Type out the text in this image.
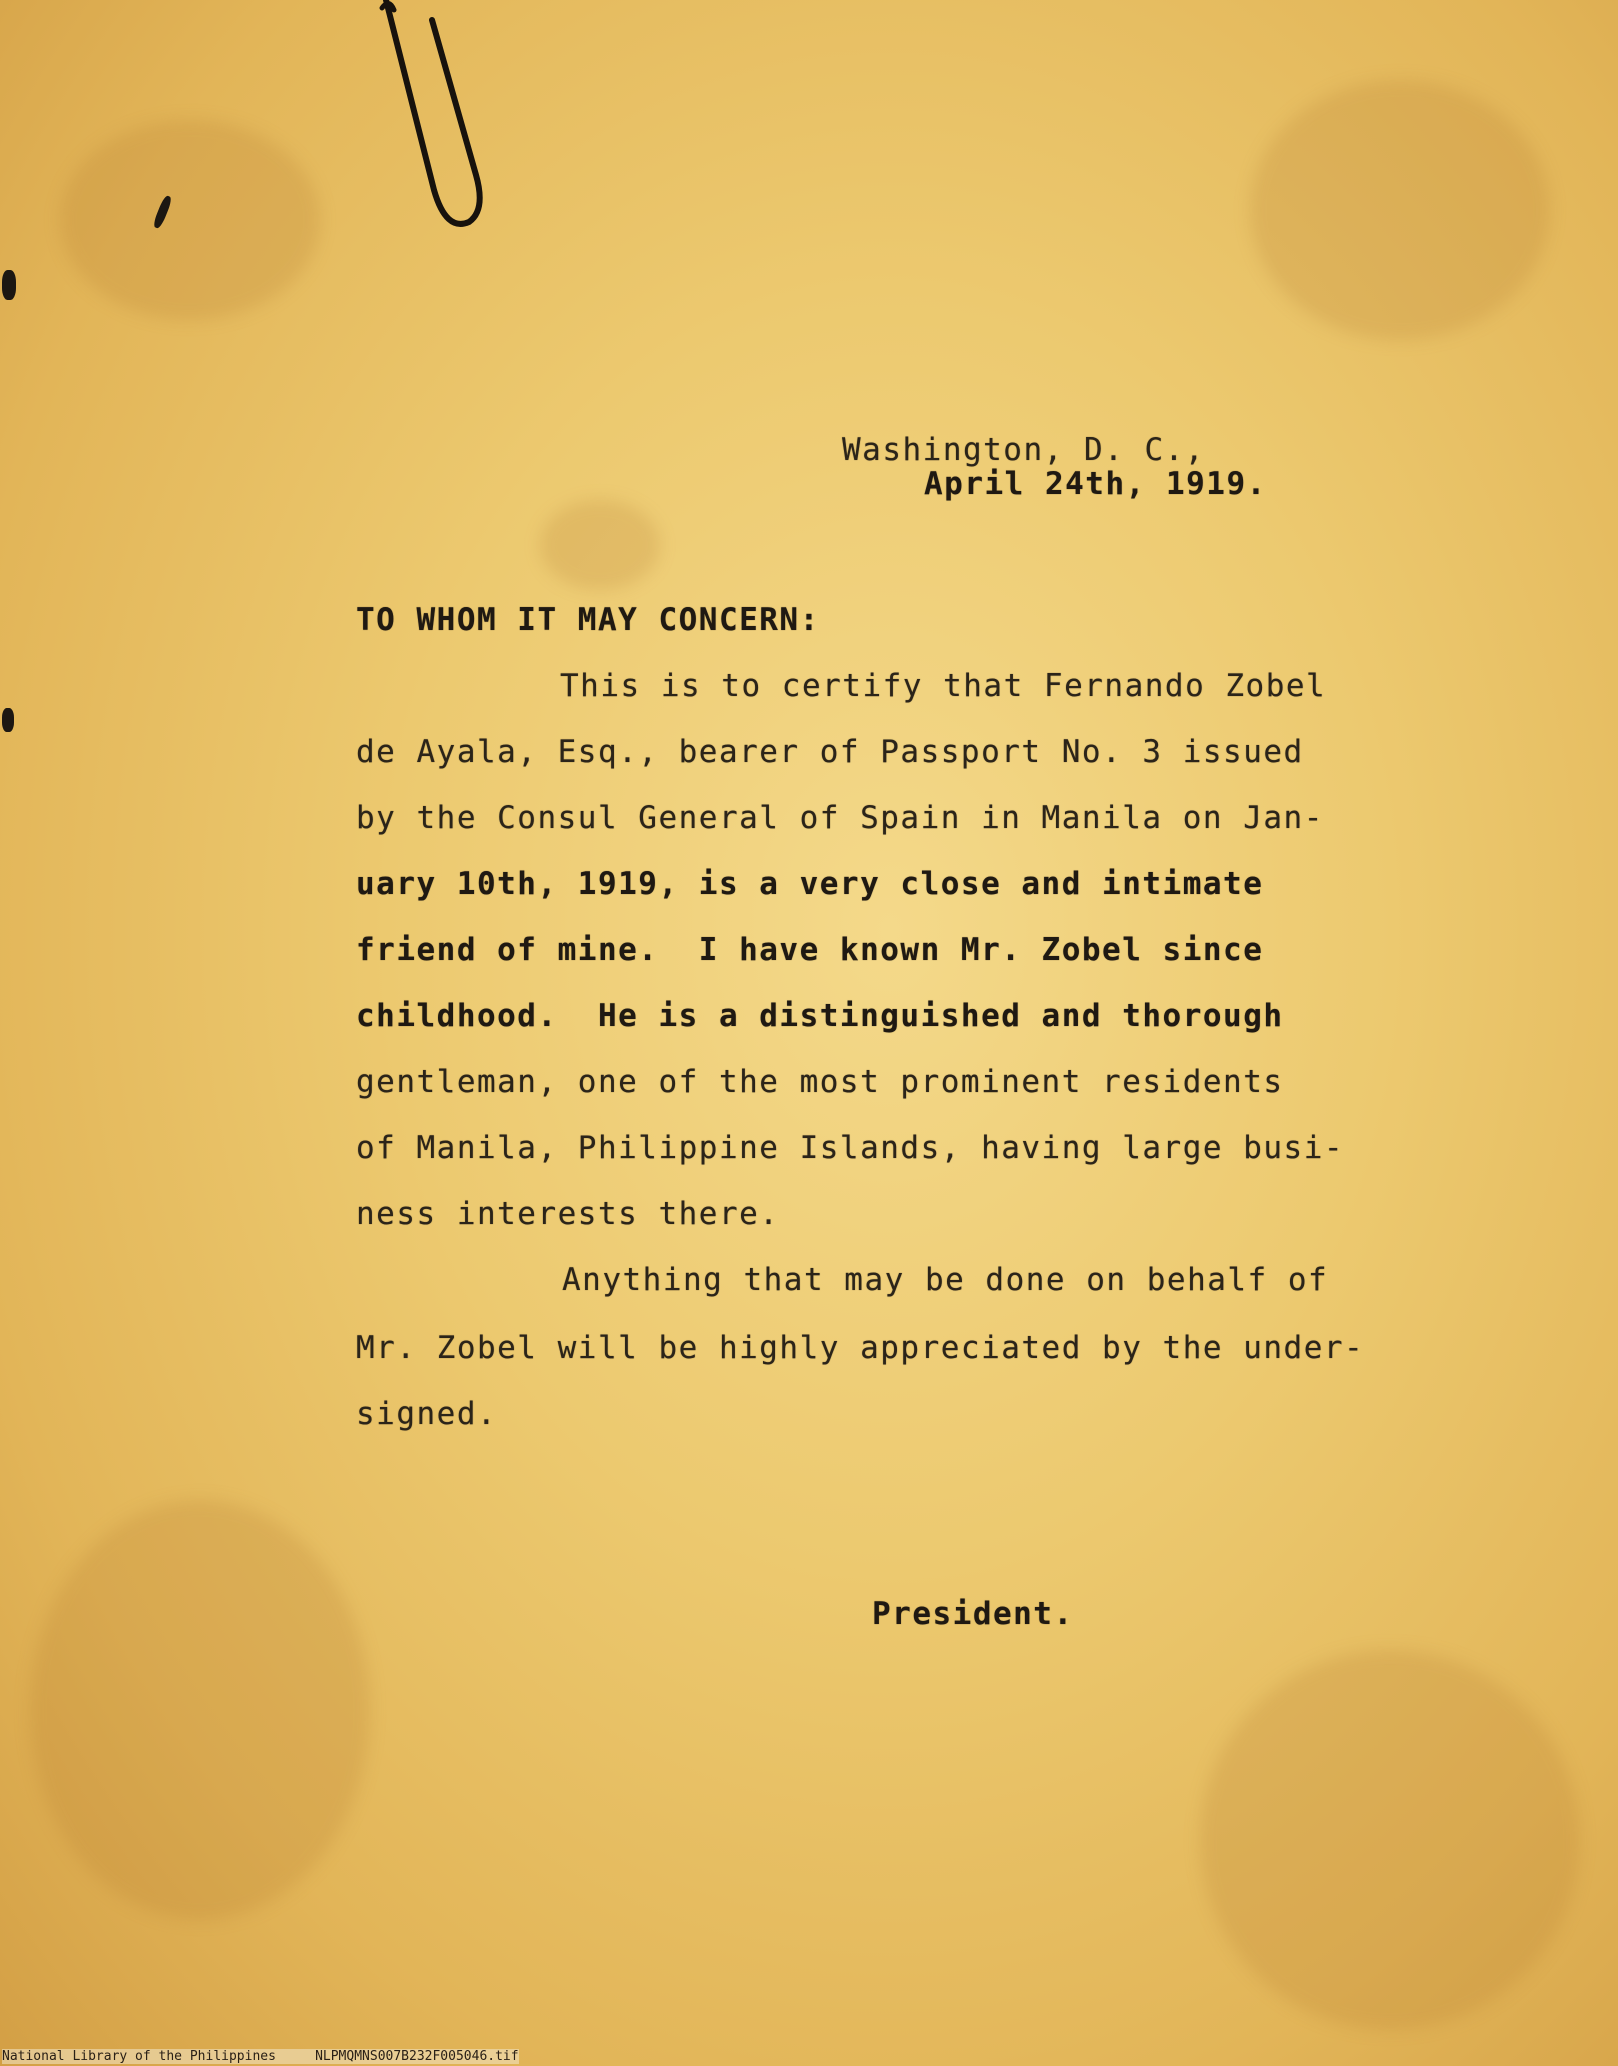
Washington, D. C.,
April 24th, 1919.
TO WHOM IT MAY CONCERN:
This is to certify that Fernando Zobel
de Ayala, Esq., bearer of Passport No. 3 issued
by the Consul General of Spain in Manila on Jan-
uary 10th, 1919, is a very close and intimate
friend of mine.  I have known Mr. Zobel since
childhood.  He is a distinguished and thorough
gentleman, one of the most prominent residents
of Manila, Philippine Islands, having large busi-
ness interests there.
Anything that may be done on behalf of
Mr. Zobel will be highly appreciated by the under-
signed.
President.
National Library of the Philippines	NLPMQMNS007B232F005046.tif
